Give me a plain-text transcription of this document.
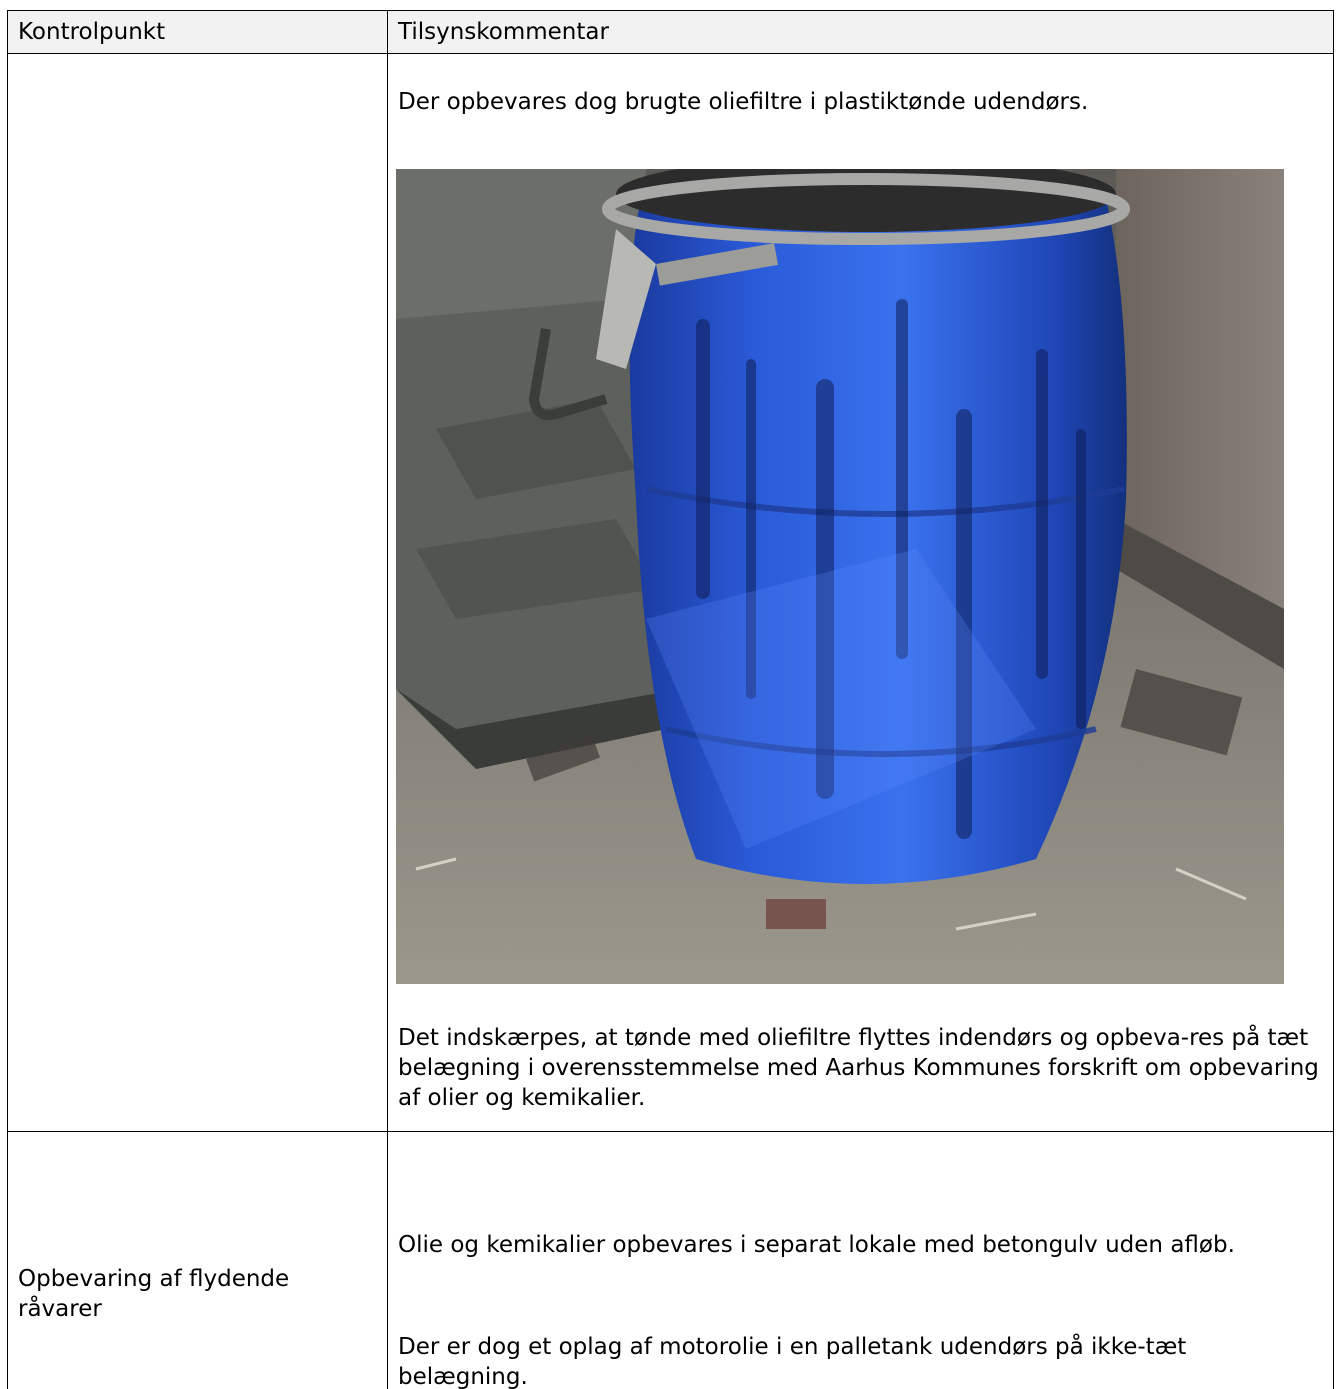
Kontrolpunkt	Tilsynskommentar

	Der opbevares dog brugte oliefiltre i plastiktønde udendørs.

Det indskærpes, at tønde med oliefiltre flyttes indendørs og opbeva-res på tæt belægning i overensstemmelse med Aarhus Kommunes forskrift om opbevaring af olier og kemikalier.

Opbevaring af flydende råvarer	Olie og kemikalier opbevares i separat lokale med betongulv uden afløb.

Der er dog et oplag af motorolie i en palletank udendørs på ikke-tæt belægning.
